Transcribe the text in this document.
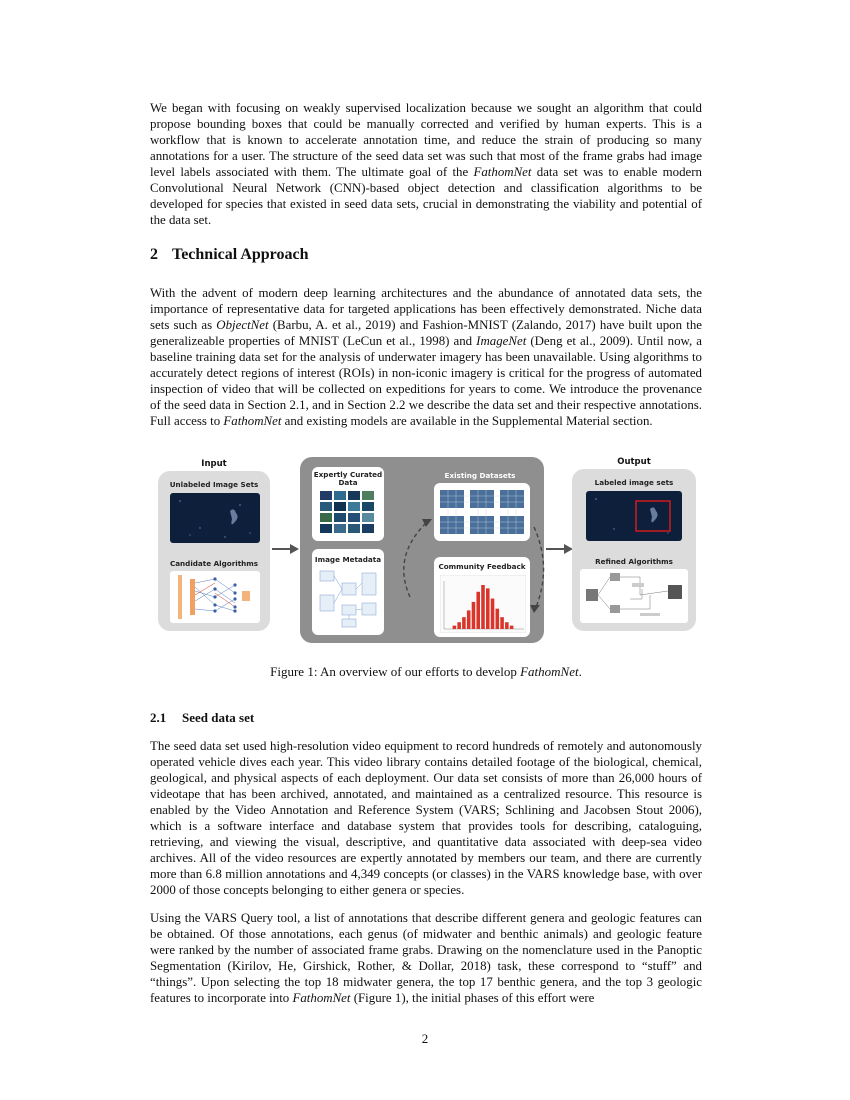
We began with focusing on weakly supervised localization because we sought an algorithm that could propose bounding boxes that could be manually corrected and verified by human experts. This is a workflow that is known to accelerate annotation time, and reduce the strain of producing so many annotations for a user. The structure of the seed data set was such that most of the frame grabs had image level labels associated with them. The ultimate goal of the FathomNet data set was to enable modern Convolutional Neural Network (CNN)-based object detection and classification algorithms to be developed for species that existed in seed data sets, crucial in demonstrating the viability and potential of the data set.

2 Technical Approach

With the advent of modern deep learning architectures and the abundance of annotated data sets, the importance of representative data for targeted applications has been effectively demonstrated. Niche data sets such as ObjectNet (Barbu, A. et al., 2019) and Fashion-MNIST (Zalando, 2017) have built upon the generalizeable properties of MNIST (LeCun et al., 1998) and ImageNet (Deng et al., 2009). Until now, a baseline training data set for the analysis of underwater imagery has been unavailable. Using algorithms to accurately detect regions of interest (ROIs) in non-iconic imagery is critical for the progress of automated inspection of video that will be collected on expeditions for years to come. We introduce the provenance of the seed data in Section 2.1, and in Section 2.2 we describe the data set and their respective annotations. Full access to FathomNet and existing models are available in the Supplemental Material section.

Input
Unlabeled Image Sets
Candidate Algorithms
Expertly Curated Data
Image Metadata
Existing Datasets
Community Feedback
Output
Labeled image sets
Refined Algorithms
Figure 1: An overview of our efforts to develop FathomNet.
2.1 Seed data set

The seed data set used high-resolution video equipment to record hundreds of remotely and autonomously operated vehicle dives each year. This video library contains detailed footage of the biological, chemical, geological, and physical aspects of each deployment. Our data set consists of more than 26,000 hours of videotape that has been archived, annotated, and maintained as a centralized resource. This resource is enabled by the Video Annotation and Reference System (VARS; Schlining and Jacobsen Stout 2006), which is a software interface and database system that provides tools for describing, cataloguing, retrieving, and viewing the visual, descriptive, and quantitative data associated with deep-sea video archives. All of the video resources are expertly annotated by members our team, and there are currently more than 6.8 million annotations and 4,349 concepts (or classes) in the VARS knowledge base, with over 2000 of those concepts belonging to either genera or species.

Using the VARS Query tool, a list of annotations that describe different genera and geologic features can be obtained. Of those annotations, each genus (of midwater and benthic animals) and geologic feature were ranked by the number of associated frame grabs. Drawing on the nomenclature used in the Panoptic Segmentation (Kirilov, He, Girshick, Rother, & Dollar, 2018) task, these correspond to “stuff” and “things”. Upon selecting the top 18 midwater genera, the top 17 benthic genera, and the top 3 geologic features to incorporate into FathomNet (Figure 1), the initial phases of this effort were

2
